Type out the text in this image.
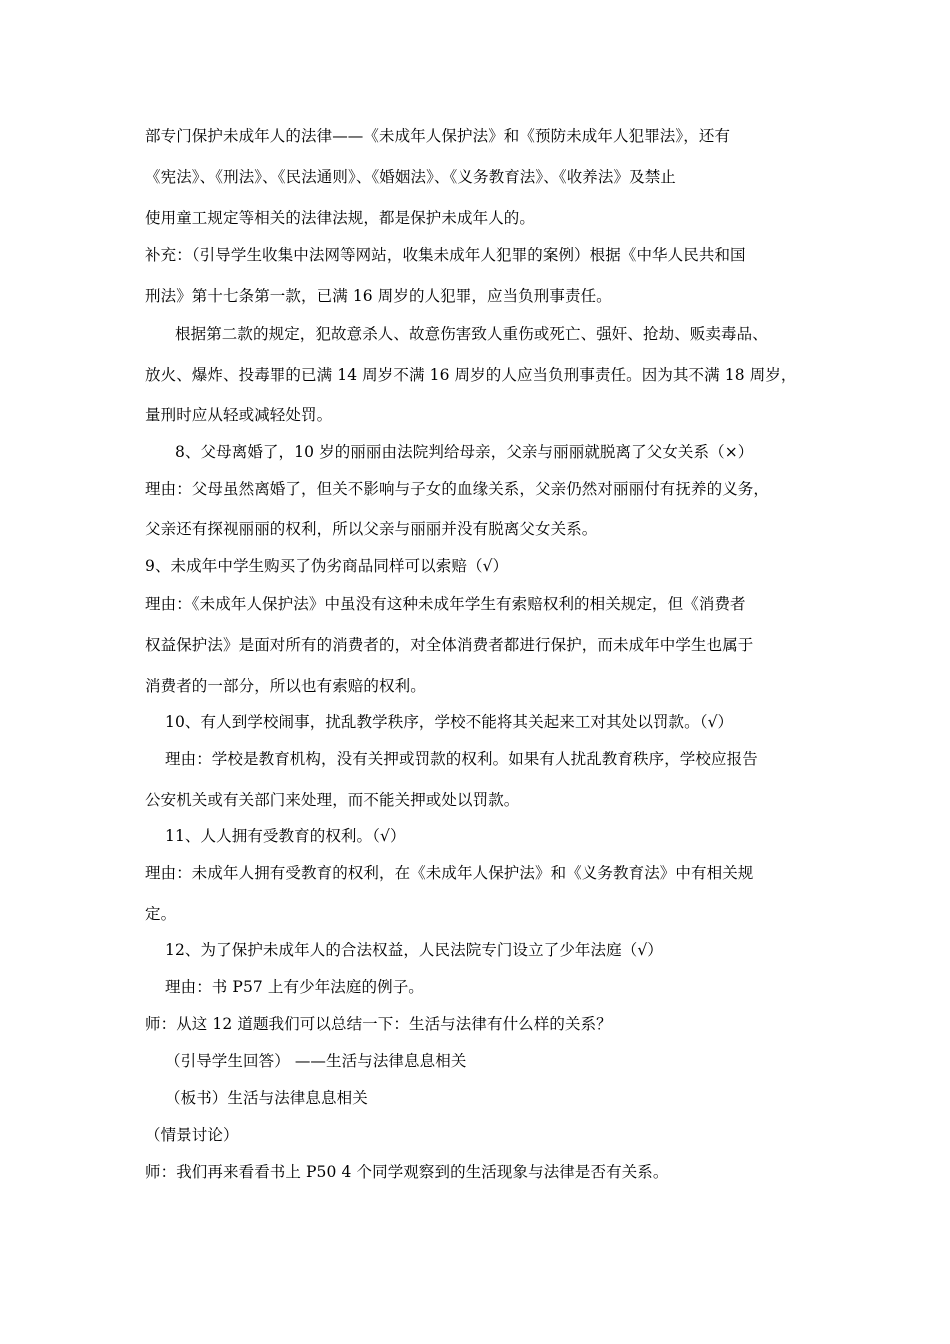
部专门保护未成年人的法律——《未成年人保护法》和《预防未成年人犯罪法》，还有
《宪法》、《刑法》、《民法通则》、《婚姻法》、《义务教育法》、《收养法》及禁止
使用童工规定等相关的法律法规，都是保护未成年人的。
补充：（引导学生收集中法网等网站，收集未成年人犯罪的案例）根据《中华人民共和国
刑法》第十七条第一款，已满 16 周岁的人犯罪，应当负刑事责任。
根据第二款的规定，犯故意杀人、故意伤害致人重伤或死亡、强奸、抢劫、贩卖毒品、
放火、爆炸、投毒罪的已满 14 周岁不满 16 周岁的人应当负刑事责任。因为其不满 18 周岁，
量刑时应从轻或减轻处罚。
8、父母离婚了，10 岁的丽丽由法院判给母亲，父亲与丽丽就脱离了父女关系（×）
理由：父母虽然离婚了，但关不影响与子女的血缘关系，父亲仍然对丽丽付有抚养的义务，
父亲还有探视丽丽的权利，所以父亲与丽丽并没有脱离父女关系。
9、未成年中学生购买了伪劣商品同样可以索赔（√）
理由：《未成年人保护法》中虽没有这种未成年学生有索赔权利的相关规定，但《消费者
权益保护法》是面对所有的消费者的，对全体消费者都进行保护，而未成年中学生也属于
消费者的一部分，所以也有索赔的权利。
10、有人到学校闹事，扰乱教学秩序，学校不能将其关起来工对其处以罚款。（√）
理由：学校是教育机构，没有关押或罚款的权利。如果有人扰乱教育秩序，学校应报告
公安机关或有关部门来处理，而不能关押或处以罚款。
11、人人拥有受教育的权利。（√）
理由：未成年人拥有受教育的权利，在《未成年人保护法》和《义务教育法》中有相关规
定。
12、为了保护未成年人的合法权益，人民法院专门设立了少年法庭（√）
理由：书 P57 上有少年法庭的例子。
师：从这 12 道题我们可以总结一下：生活与法律有什么样的关系？
（引导学生回答） ——生活与法律息息相关
（板书）生活与法律息息相关
（情景讨论）
师：我们再来看看书上 P50 4 个同学观察到的生活现象与法律是否有关系。
